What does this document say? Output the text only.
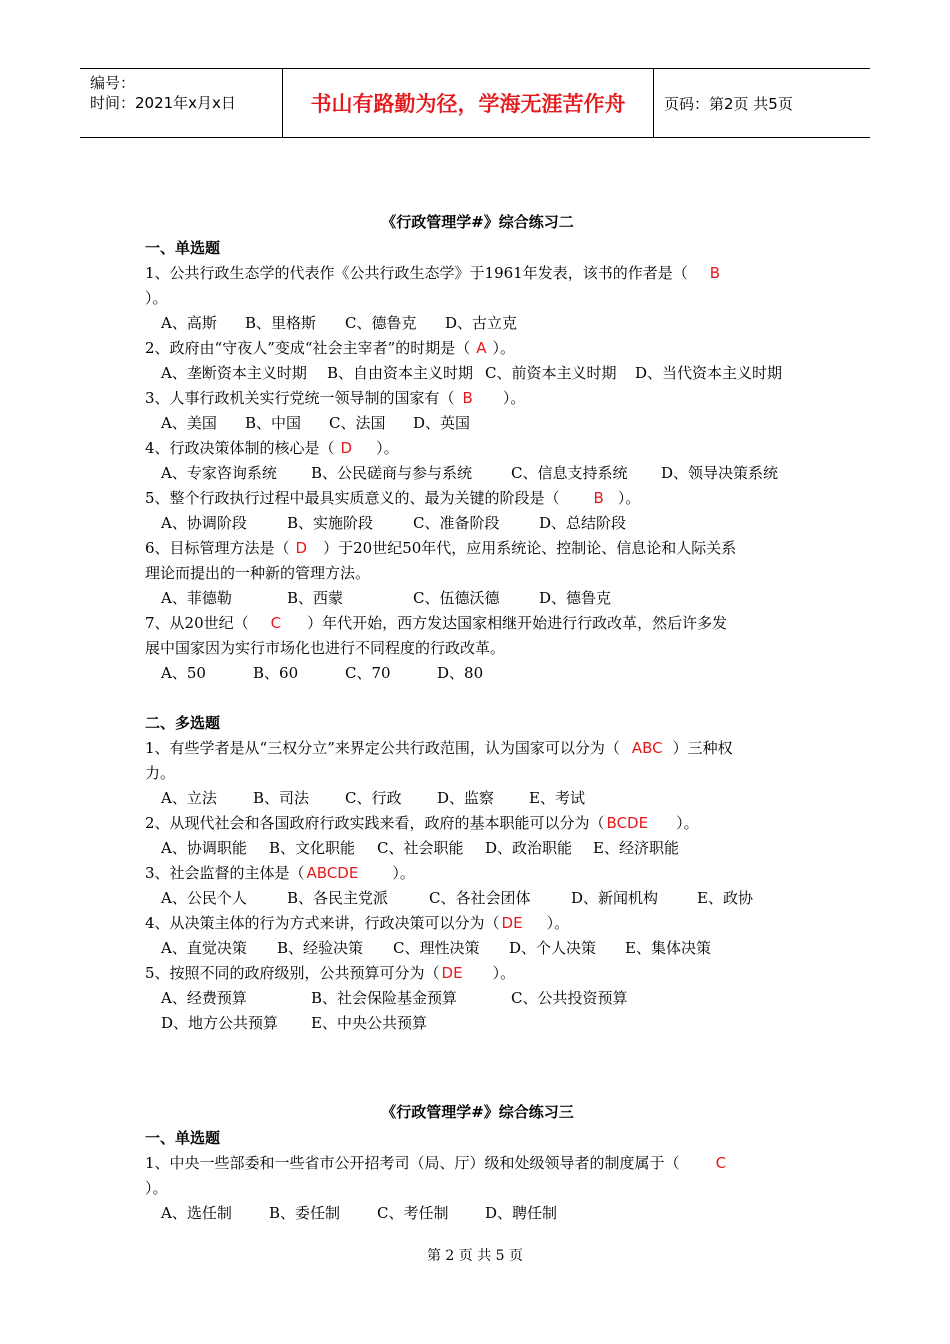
编号：
时间：2021年x月x日	书山有路勤为径，学海无涯苦作舟	页码：第2页 共5页
《行政管理学#》综合练习二
一、单选题
1、公共行政生态学的代表作《公共行政生态学》于1961年发表，该书的作者是（ B
）。
A、高斯 B、里格斯 C、德鲁克 D、古立克
2、政府由“守夜人”变成“社会主宰者”的时期是（ A ）。
A、垄断资本主义时期 B、自由资本主义时期 C、前资本主义时期 D、当代资本主义时期
3、人事行政机关实行党统一领导制的国家有（ B ）。
A、美国 B、中国 C、法国 D、英国
4、行政决策体制的核心是（ D ）。
A、专家咨询系统 B、公民磋商与参与系统	C、信息支持系统 D、领导决策系统
5、整个行政执行过程中最具实质意义的、最为关键的阶段是（ B ）。
A、协调阶段	B、实施阶段	C、准备阶段	D、总结阶段
6、目标管理方法是（ D ）于20世纪50年代，应用系统论、控制论、信息论和人际关系
理论而提出的一种新的管理方法。
A、菲德勒	B、西蒙	C、伍德沃德	D、德鲁克
7、从20世纪（ C ）年代开始，西方发达国家相继开始进行行政改革，然后许多发
展中国家因为实行市场化也进行不同程度的行政改革。
A、50	B、60	C、70	D、80
二、多选题
1、有些学者是从“三权分立”来界定公共行政范围，认为国家可以分为（ ABC ）三种权
力。
A、立法 B、司法 C、行政 D、监察 E、考试
2、从现代社会和各国政府行政实践来看，政府的基本职能可以分为（ BCDE ）。
A、协调职能 B、文化职能 C、社会职能 D、政治职能 E、经济职能
3、社会监督的主体是（ ABCDE ）。
A、公民个人	B、各民主党派	C、各社会团体	D、新闻机构	E、政协
4、从决策主体的行为方式来讲，行政决策可以分为（ DE ）。
A、直觉决策 B、经验决策 C、理性决策 D、个人决策 E、集体决策
5、按照不同的政府级别，公共预算可分为（ DE ）。
A、经费预算	B、社会保险基金预算	C、公共投资预算
D、地方公共预算 E、中央公共预算
《行政管理学#》综合练习三
一、单选题
1、中央一些部委和一些省市公开招考司（局、厅）级和处级领导者的制度属于（ C
）。
A、选任制 B、委任制 C、考任制 D、聘任制
第 2 页 共 5 页
